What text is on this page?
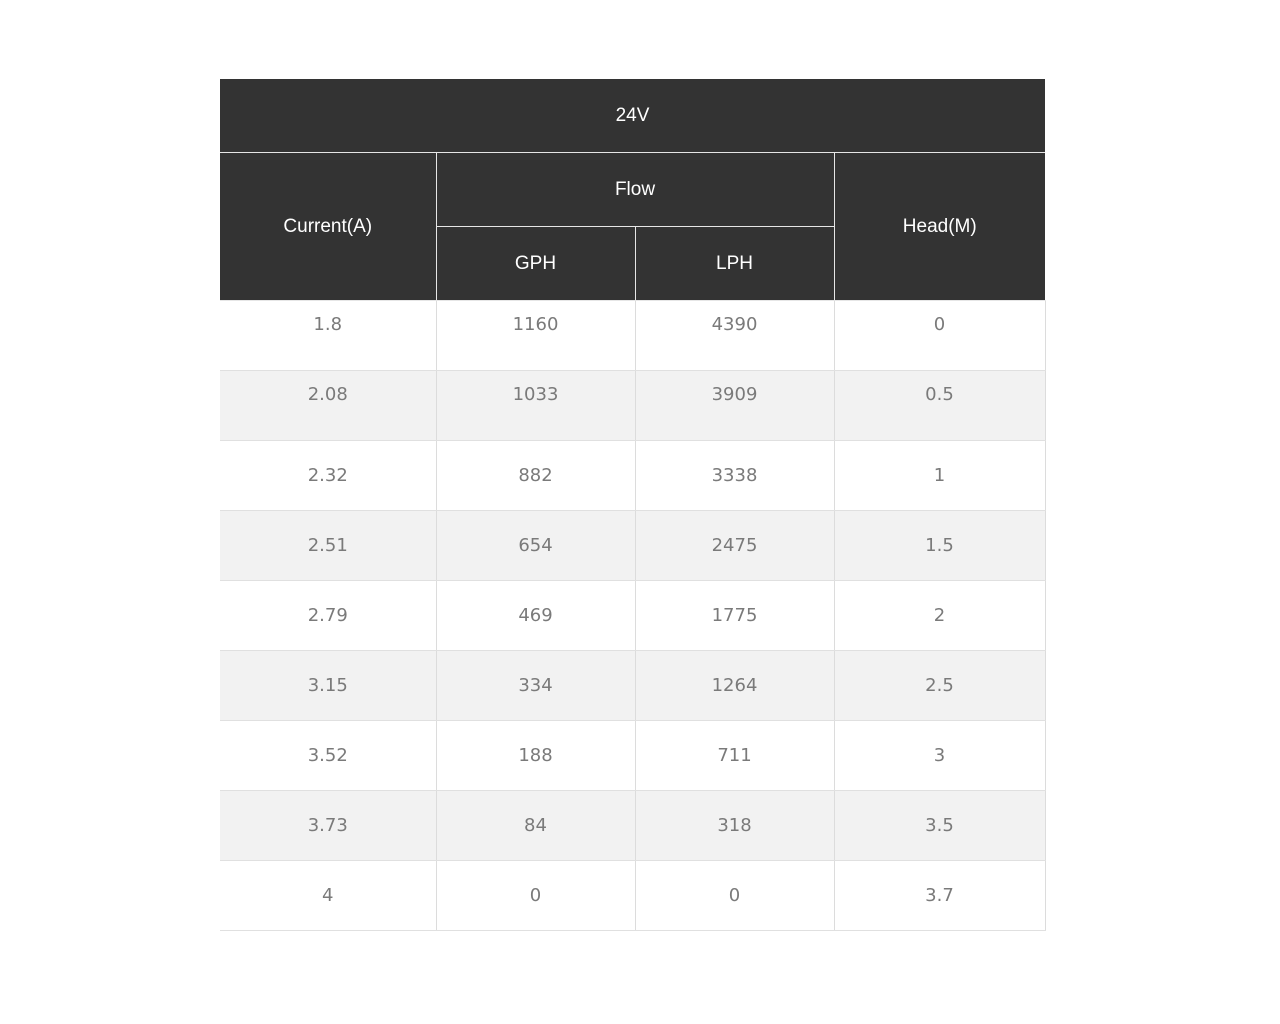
24V			
Current(A)	Flow		Head(M)
	GPH	LPH	
1.8	1160	4390	0
2.08	1033	3909	0.5
2.32	882	3338	1
2.51	654	2475	1.5
2.79	469	1775	2
3.15	334	1264	2.5
3.52	188	711	3
3.73	84	318	3.5
4	0	0	3.7
